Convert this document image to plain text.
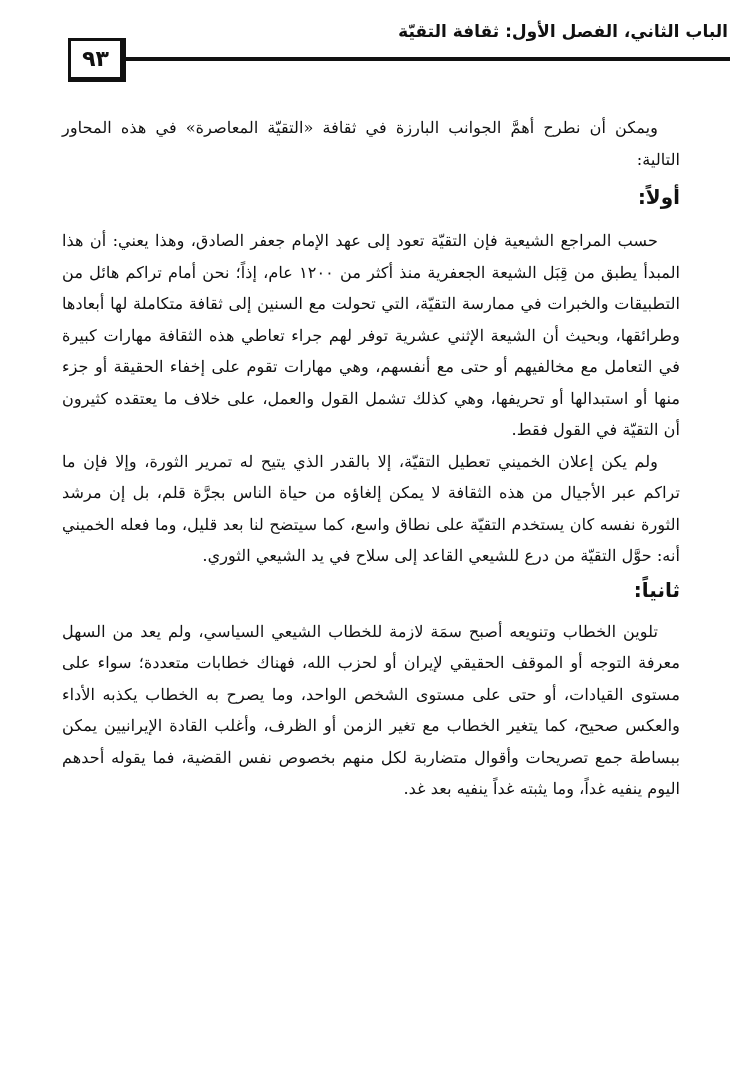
الباب الثاني، الفصل الأول: ثقافة التقيّة
٩٣

ويمكن أن نطرح أهمَّ الجوانب البارزة في ثقافة «التقيّة المعاصرة» في هذه المحاور التالية:

أولاً:

حسب المراجع الشيعية فإن التقيّة تعود إلى عهد الإمام جعفر الصادق، وهذا يعني: أن هذا المبدأ يطبق من قِبَل الشيعة الجعفرية منذ أكثر من ١٢٠٠ عام، إذاً؛ نحن أمام تراكم هائل من التطبيقات والخبرات في ممارسة التقيّة، التي تحولت مع السنين إلى ثقافة متكاملة لها أبعادها وطرائقها، وبحيث أن الشيعة الإثني عشرية توفر لهم جراء تعاطي هذه الثقافة مهارات كبيرة في التعامل مع مخالفيهم أو حتى مع أنفسهم، وهي مهارات تقوم على إخفاء الحقيقة أو جزء منها أو استبدالها أو تحريفها، وهي كذلك تشمل القول والعمل، على خلاف ما يعتقده كثيرون أن التقيّة في القول فقط.

ولم يكن إعلان الخميني تعطيل التقيّة، إلا بالقدر الذي يتيح له تمرير الثورة، وإلا فإن ما تراكم عبر الأجيال من هذه الثقافة لا يمكن إلغاؤه من حياة الناس بجرَّة قلم، بل إن مرشد الثورة نفسه كان يستخدم التقيّة على نطاق واسع، كما سيتضح لنا بعد قليل، وما فعله الخميني أنه: حوَّل التقيّة من درع للشيعي القاعد إلى سلاح في يد الشيعي الثوري.

ثانياً:

تلوين الخطاب وتنويعه أصبح سمَة لازمة للخطاب الشيعي السياسي، ولم يعد من السهل معرفة التوجه أو الموقف الحقيقي لإيران أو لحزب الله، فهناك خطابات متعددة؛ سواء على مستوى القيادات، أو حتى على مستوى الشخص الواحد، وما يصرح به الخطاب يكذبه الأداء والعكس صحيح، كما يتغير الخطاب مع تغير الزمن أو الظرف، وأغلب القادة الإيرانيين يمكن ببساطة جمع تصريحات وأقوال متضاربة لكل منهم بخصوص نفس القضية، فما يقوله أحدهم اليوم ينفيه غداً، وما يثبته غداً ينفيه بعد غد.
